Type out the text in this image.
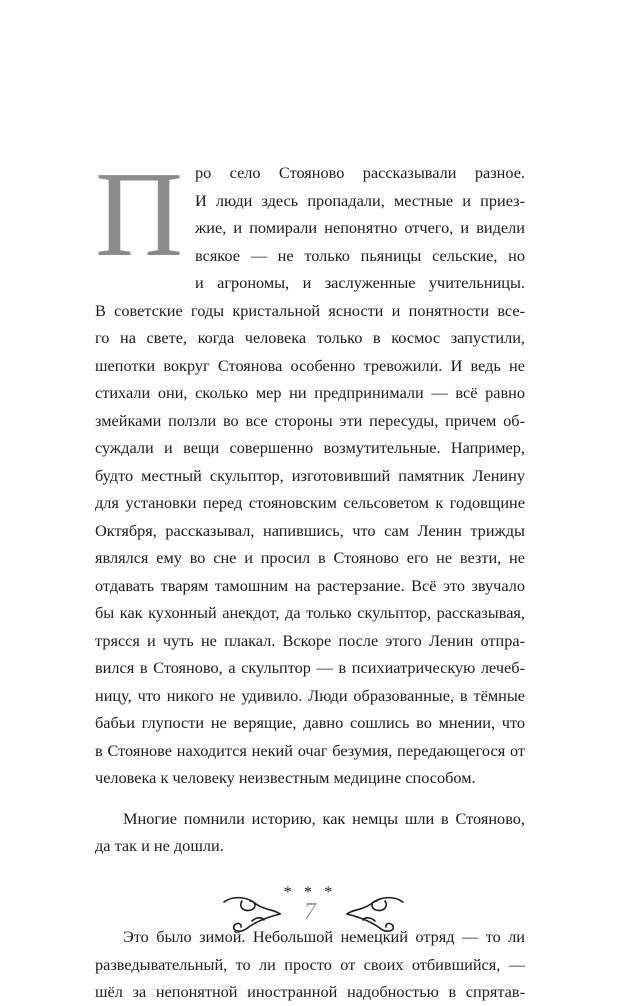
П ро село Стояново рассказывали разное.
И люди здесь пропадали, местные и приез-
жие, и помирали непонятно отчего, и видели
всякое — не только пьяницы сельские, но
и агрономы, и заслуженные учительницы.
В советские годы кристальной ясности и понятности все-
го на свете, когда человека только в космос запустили,
шепотки вокруг Стоянова особенно тревожили. И ведь не
стихали они, сколько мер ни предпринимали — всё равно
змейками ползли во все стороны эти пересуды, причем об-
суждали и вещи совершенно возмутительные. Например,
будто местный скульптор, изготовивший памятник Ленину
для установки перед стояновским сельсоветом к годовщине
Октября, рассказывал, напившись, что сам Ленин трижды
являлся ему во сне и просил в Стояново его не везти, не
отдавать тварям тамошним на растерзание. Всё это звучало
бы как кухонный анекдот, да только скульптор, рассказывая,
трясся и чуть не плакал. Вскоре после этого Ленин отпра-
вился в Стояново, а скульптор — в психиатрическую лечеб-
ницу, что никого не удивило. Люди образованные, в тёмные
бабьи глупости не верящие, давно сошлись во мнении, что
в Стоянове находится некий очаг безумия, передающегося от
человека к человеку неизвестным медицине способом.
Многие помнили историю, как немцы шли в Стояново,
да так и не дошли.
* * *
Это было зимой. Небольшой немецкий отряд — то ли
разведывательный, то ли просто от своих отбившийся, —
шёл за непонятной иностранной надобностью в спрятав-
7
